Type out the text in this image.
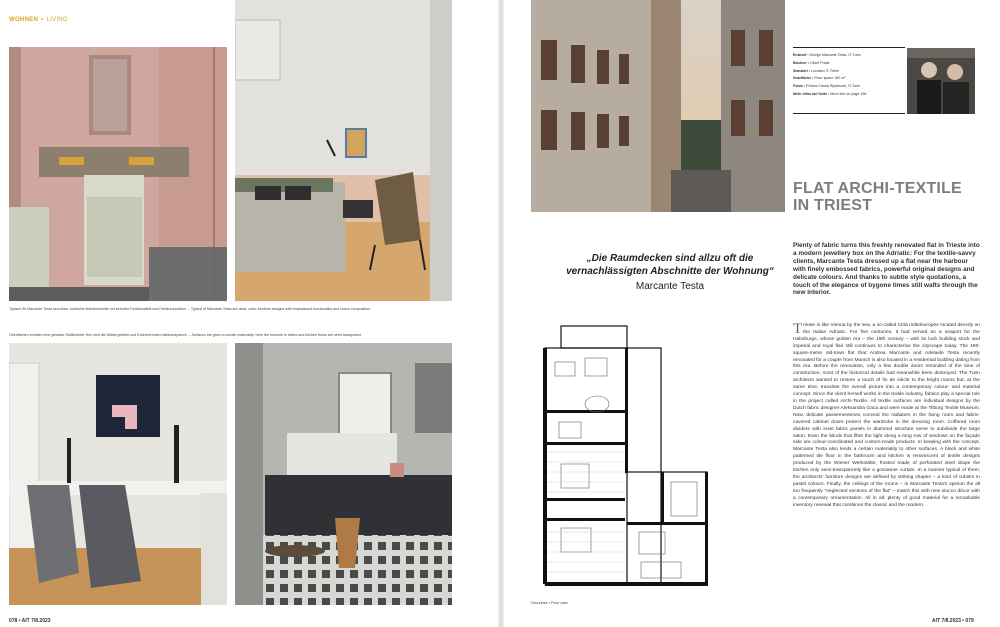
WOHNEN • LIVING
Typisch für Marcante Testa sind klare, kubische Möbelentwürfe mit betonter Funktionalität und Farbkomposition. – Typical of Marcante Testa are clear, cubic furniture designs with emphasised functionality and colour composition.
Oberflächen erhalten eine gewisse Stofflichkeit: Hier sind die Möbel gefaltet und Küchenfronten halbtransparent. – Surfaces are given a certain materiality: here the furniture is folded and kitchen fronts are semi-transparent.
078 • AIT 7/8.2023
Entwurf • Design Marcante Testa, IT-Turin
Bauherr • Client Privat
Standort • Location IT-Triest
Nutzfläche • Floor space 180 m²
Fotos • Photos Carola Ripamonti, IT-Turin
Mehr Infos auf Seite • More info on page 158
FLAT ARCHI-TEXTILE
IN TRIEST
„Die Raumdecken sind allzu oft die vernachlässigten Abschnitte der Wohnung“
Marcante Testa
Plenty of fabric turns this freshly renovated flat in Trieste into a modern jewellery box on the Adriatic: For the textile-savvy clients, Marcante Testa dressed up a flat near the harbour with finely embossed fabrics, powerful original designs and delicate colours. And thanks to subtle style quotations, a touch of the elegance of bygone times still wafts through the new interior.
Trieste is like Vienna by the sea, a so-called Città mitteleuropee located directly on the Italian Adriatic. For five centuries, it had served as a seaport for the Habsburgs, whose golden era – the 19th century – with its lush building stock and imperial and royal flair still continues to characterise the cityscape today. The 180-square-metre old-town flat that Andrea Marcante and Adelaide Testa recently renovated for a couple from Munich is also located in a residential building dating from this era. Before the renovation, only a few double doors reminded of the time of construction; most of the historical details had meanwhile been destroyed. The Turin architects wanted to restore a touch of fin de siècle to the bright rooms but, at the same time, translate the overall picture into a contemporary colour- and material concept. Since the client herself works in the textile industry, fabrics play a special role in the project called Archi-Textile. All textile surfaces are individual designs by the Dutch fabric designer Aleksandra Gaca and were made at the Tilburg Textile Museum. Now, delicate passementeries conceal the radiators in the living room and fabric-covered cabinet doors protect the wardrobe in the dressing room. Coffered room dividers with inset fabric panels in diamond structure serve to subdivide the large salon. Even the blinds that filter the light along a long row of windows on the façade side are colour-coordinated and custom-made products. In keeping with the concept, Marcante Testa also lends a certain materiality to other surfaces. A black and white patterned tile floor in the bathroom and kitchen is reminiscent of textile designs produced by the Wiener Werkstätte, frosted made of perforated steel drape the kitchen only semi-transparently like a gossamer curtain. In a manner typical of them, the architects' furniture designs are defined by striking shapes – a kind of cubism in pastel colours. Finally, the ceilings of the rooms – in Marcante Testa's opinion the all too frequently "neglected sections of the flat" – match this with new stucco décor with a contemporary ornamentation. All in all: plenty of good material for a remarkable inventory renewal that combines the classic and the modern.
Grundriss • Floor plan
AIT 7/8.2023 • 079
